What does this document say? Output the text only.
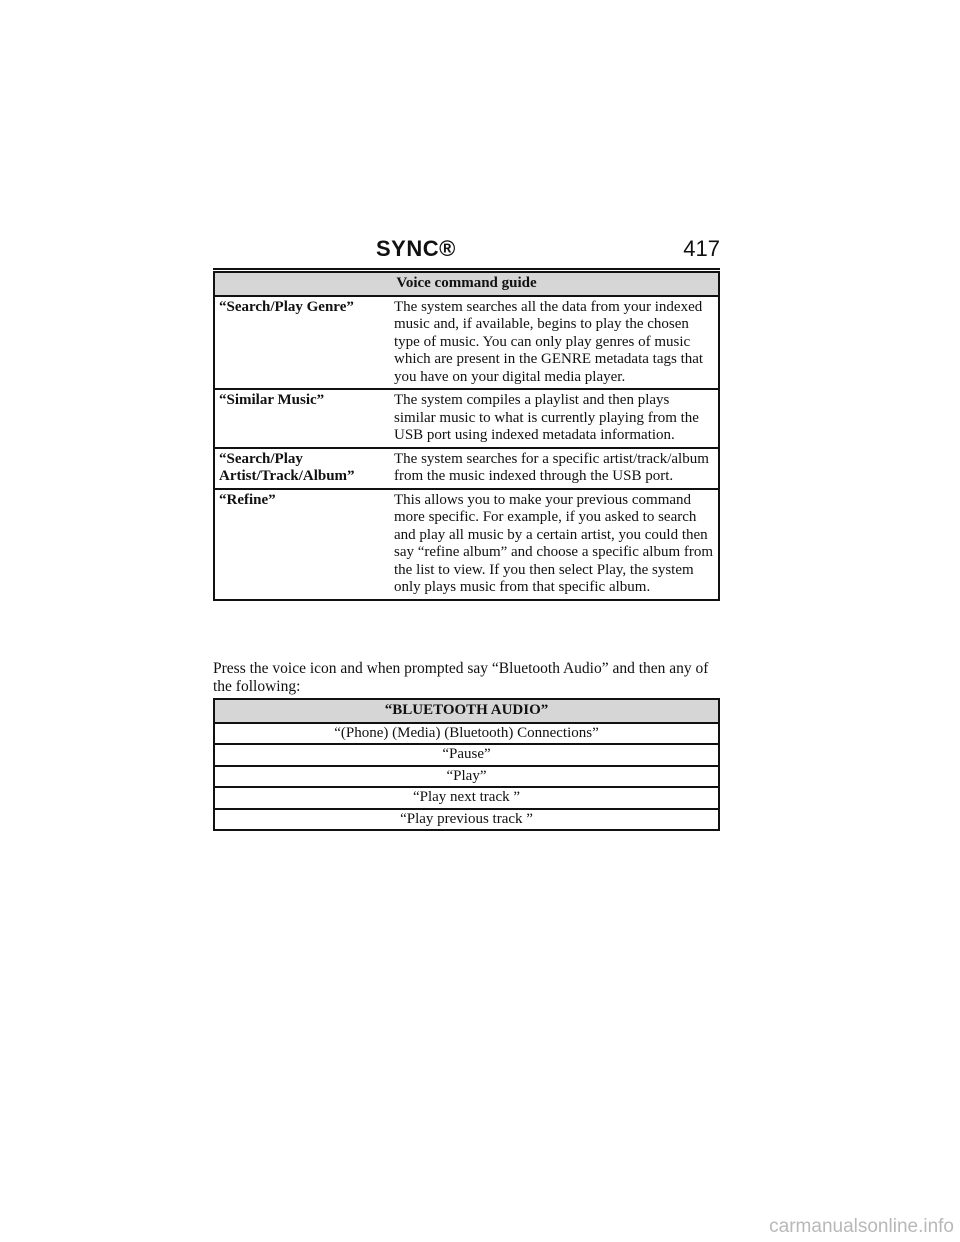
SYNC®	417
Voice command guide	
“Search/Play Genre”	The system searches all the data from your indexed music and, if available, begins to play the chosen type of music. You can only play genres of music which are present in the GENRE metadata tags that you have on your digital media player.
“Similar Music”	The system compiles a playlist and then plays similar music to what is currently playing from the USB port using indexed metadata information.
“Search/Play Artist/Track/Album”	The system searches for a specific artist/track/album from the music indexed through the USB port.
“Refine”	This allows you to make your previous command more specific. For example, if you asked to search and play all music by a certain artist, you could then say “refine album” and choose a specific album from the list to view. If you then select Play, the system only plays music from that specific album.
Press the voice icon and when prompted say “Bluetooth Audio” and then any of the following:
“BLUETOOTH AUDIO”
“(Phone) (Media) (Bluetooth) Connections”
“Pause”
“Play”
“Play next track ”
“Play previous track ”
carmanualsonline.info
